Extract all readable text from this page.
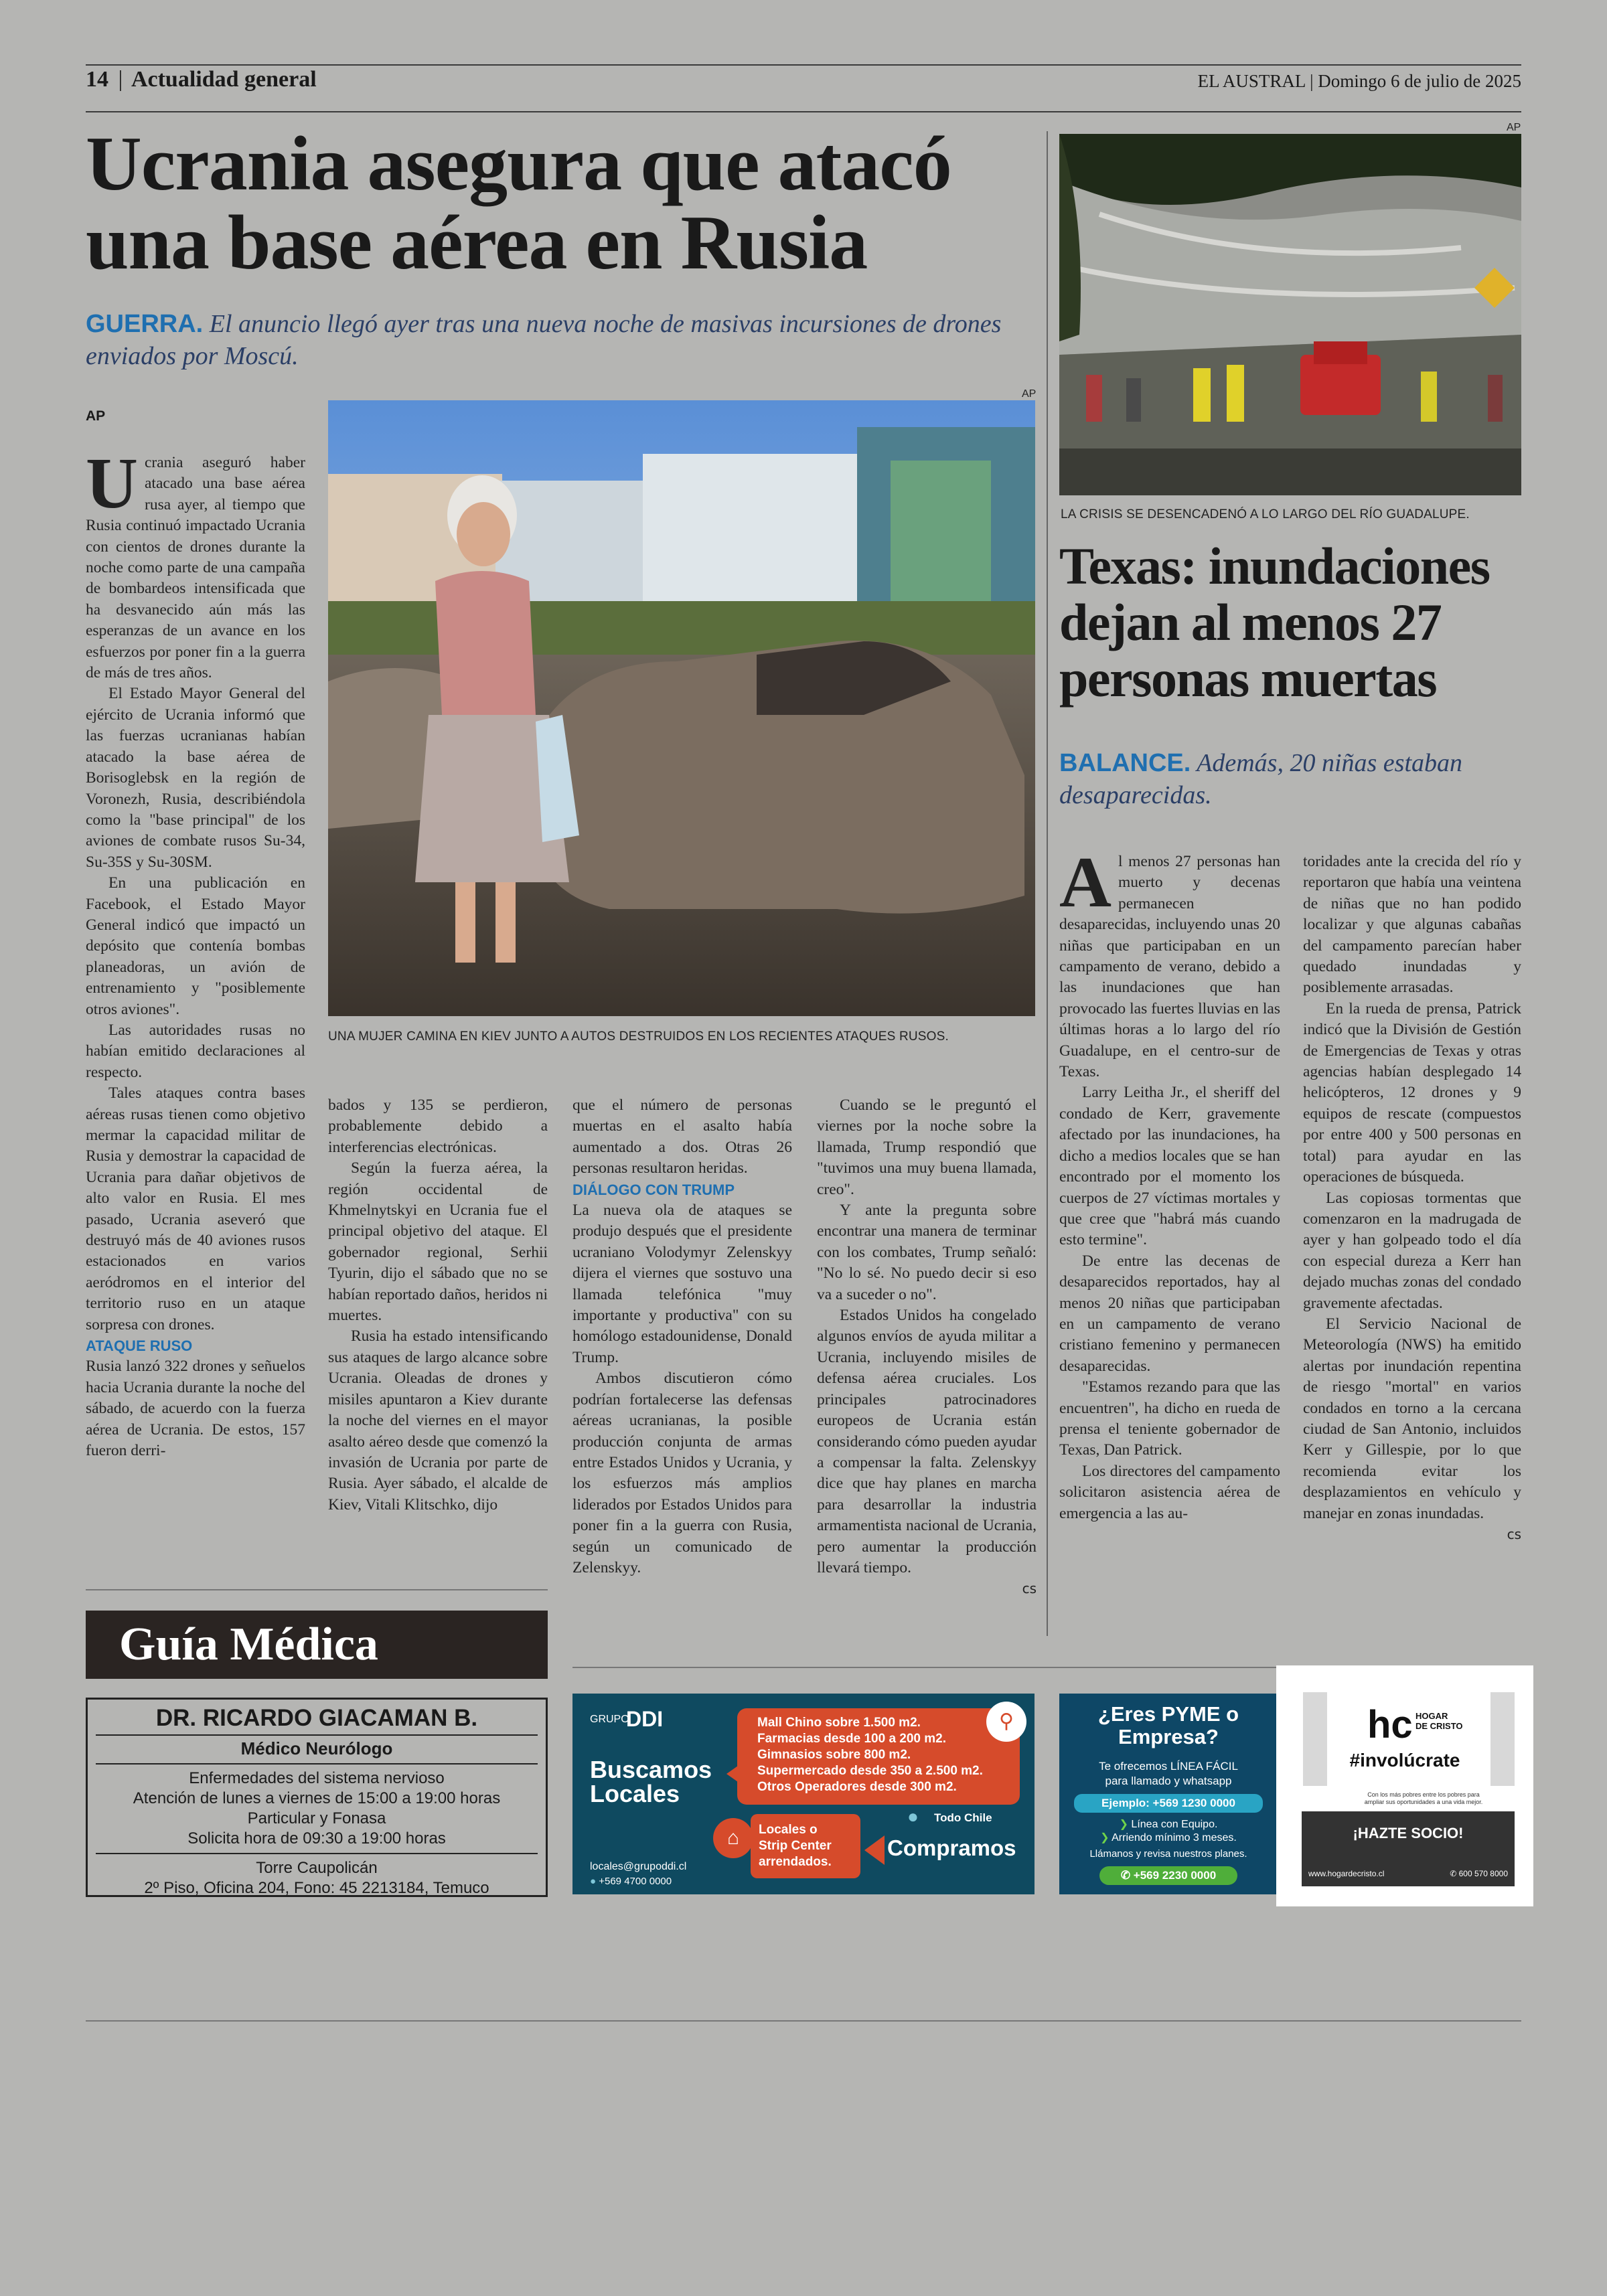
14 | Actualidad general	EL AUSTRAL | Domingo 6 de julio de 2025
Ucrania asegura que atacó
una base aérea en Rusia
GUERRA. El anuncio llegó ayer tras una nueva noche de masivas incursiones de drones enviados por Moscú.
AP
AP
UNA MUJER CAMINA EN KIEV JUNTO A AUTOS DESTRUIDOS EN LOS RECIENTES ATAQUES RUSOS.

Ucrania aseguró haber atacado una base aérea rusa ayer, al tiempo que Rusia continuó impactado Ucrania con cientos de drones durante la noche como parte de una campaña de bombardeos intensificada que ha desvanecido aún más las esperanzas de un avance en los esfuerzos por poner fin a la guerra de más de tres años.

El Estado Mayor General del ejército de Ucrania informó que las fuerzas ucranianas habían atacado la base aérea de Borisoglebsk en la región de Voronezh, Rusia, describiéndola como la "base principal" de los aviones de combate rusos Su-34, Su-35S y Su-30SM.

En una publicación en Facebook, el Estado Mayor General indicó que impactó un depósito que contenía bombas planeadoras, un avión de entrenamiento y "posiblemente otros aviones".

Las autoridades rusas no habían emitido declaraciones al respecto.

Tales ataques contra bases aéreas rusas tienen como objetivo mermar la capacidad militar de Rusia y demostrar la capacidad de Ucrania para dañar objetivos de alto valor en Rusia. El mes pasado, Ucrania aseveró que destruyó más de 40 aviones rusos estacionados en varios aeródromos en el interior del territorio ruso en un ataque sorpresa con drones.

ATAQUE RUSO

Rusia lanzó 322 drones y señuelos hacia Ucrania durante la noche del sábado, de acuerdo con la fuerza aérea de Ucrania. De estos, 157 fueron derri-

bados y 135 se perdieron, probablemente debido a interferencias electrónicas.

Según la fuerza aérea, la región occidental de Khmelnytskyi en Ucrania fue el principal objetivo del ataque. El gobernador regional, Serhii Tyurin, dijo el sábado que no se habían reportado daños, heridos ni muertes.

Rusia ha estado intensificando sus ataques de largo alcance sobre Ucrania. Oleadas de drones y misiles apuntaron a Kiev durante la noche del viernes en el mayor asalto aéreo desde que comenzó la invasión de Ucrania por parte de Rusia. Ayer sábado, el alcalde de Kiev, Vitali Klitschko, dijo

que el número de personas muertas en el asalto había aumentado a dos. Otras 26 personas resultaron heridas.

DIÁLOGO CON TRUMP

La nueva ola de ataques se produjo después que el presidente ucraniano Volodymyr Zelenskyy dijera el viernes que sostuvo una llamada telefónica "muy importante y productiva" con su homólogo estadounidense, Donald Trump.

Ambos discutieron cómo podrían fortalecerse las defensas aéreas ucranianas, la posible producción conjunta de armas entre Estados Unidos y Ucrania, y los esfuerzos más amplios liderados por Estados Unidos para poner fin a la guerra con Rusia, según un comunicado de Zelenskyy.

Cuando se le preguntó el viernes por la noche sobre la llamada, Trump respondió que "tuvimos una muy buena llamada, creo".

Y ante la pregunta sobre encontrar una manera de terminar con los combates, Trump señaló: "No lo sé. No puedo decir si eso va a suceder o no".

Estados Unidos ha congelado algunos envíos de ayuda militar a Ucrania, incluyendo misiles de defensa aérea cruciales. Los principales patrocinadores europeos de Ucrania están considerando cómo pueden ayudar a compensar la falta. Zelenskyy dice que hay planes en marcha para desarrollar la industria armamentista nacional de Ucrania, pero aumentar la producción llevará tiempo.

cs

AP
LA CRISIS SE DESENCADENÓ A LO LARGO DEL RÍO GUADALUPE.
Texas: inundaciones
dejan al menos 27
personas muertas
BALANCE. Además, 20 niñas estaban desaparecidas.

Al menos 27 personas han muerto y decenas permanecen desaparecidas, incluyendo unas 20 niñas que participaban en un campamento de verano, debido a las inundaciones que han provocado las fuertes lluvias en las últimas horas a lo largo del río Guadalupe, en el centro-sur de Texas.

Larry Leitha Jr., el sheriff del condado de Kerr, gravemente afectado por las inundaciones, ha dicho a medios locales que se han encontrado por el momento los cuerpos de 27 víctimas mortales y que cree que "habrá más cuando esto termine".

De entre las decenas de desaparecidos reportados, hay al menos 20 niñas que participaban en un campamento de verano cristiano femenino y permanecen desaparecidas.

"Estamos rezando para que las encuentren", ha dicho en rueda de prensa el teniente gobernador de Texas, Dan Patrick.

Los directores del campamento solicitaron asistencia aérea de emergencia a las au-

toridades ante la crecida del río y reportaron que había una veintena de niñas que no han podido localizar y que algunas cabañas del campamento parecían haber quedado inundadas y posiblemente arrasadas.

En la rueda de prensa, Patrick indicó que la División de Gestión de Emergencias de Texas y otras agencias habían desplegado 14 helicópteros, 12 drones y 9 equipos de rescate (compuestos por entre 400 y 500 personas en total) para ayudar en las operaciones de búsqueda.

Las copiosas tormentas que comenzaron en la madrugada de ayer y han golpeado todo el día con especial dureza a Kerr han dejado muchas zonas del condado gravemente afectadas.

El Servicio Nacional de Meteorología (NWS) ha emitido alertas por inundación repentina de riesgo "mortal" en varios condados en torno a la cercana ciudad de San Antonio, incluidos Kerr y Gillespie, por lo que recomienda evitar los desplazamientos en vehículo y manejar en zonas inundadas.

cs

Guía Médica
DR. RICARDO GIACAMAN B.
Médico Neurólogo
Enfermedades del sistema nervioso
Atención de lunes a viernes de 15:00 a 19:00 horas
Particular y Fonasa
Solicita hora de 09:30 a 19:00 horas
Torre Caupolicán
2º Piso, Oficina 204, Fono: 45 2213184, Temuco
GRUPO
DDI
Buscamos
Locales
Mall Chino sobre 1.500 m2.
Farmacias desde 100 a 200 m2.
Gimnasios sobre 800 m2.
Supermercado desde 350 a 2.500 m2.
Otros Operadores desde 300 m2.
⚲
⌂	Locales o
Strip Center
arrendados.
● Todo Chile
Compramos
locales@grupoddi.cl
● +569 4700 0000
¿Eres PYME o
Empresa?
Te ofrecemos LÍNEA FÁCIL
para llamado y whatsapp
Ejemplo: +569 1230 0000
❯ Línea con Equipo.
❯ Arriendo mínimo 3 meses.
Llámanos y revisa nuestros planes.
✆ +569 2230 0000
hc HOGAR
DE CRISTO
#involúcrate
Con los más pobres entre los pobres para ampliar sus oportunidades a una vida mejor.
¡HAZTE SOCIO!
www.hogardecristo.cl	✆ 600 570 8000
